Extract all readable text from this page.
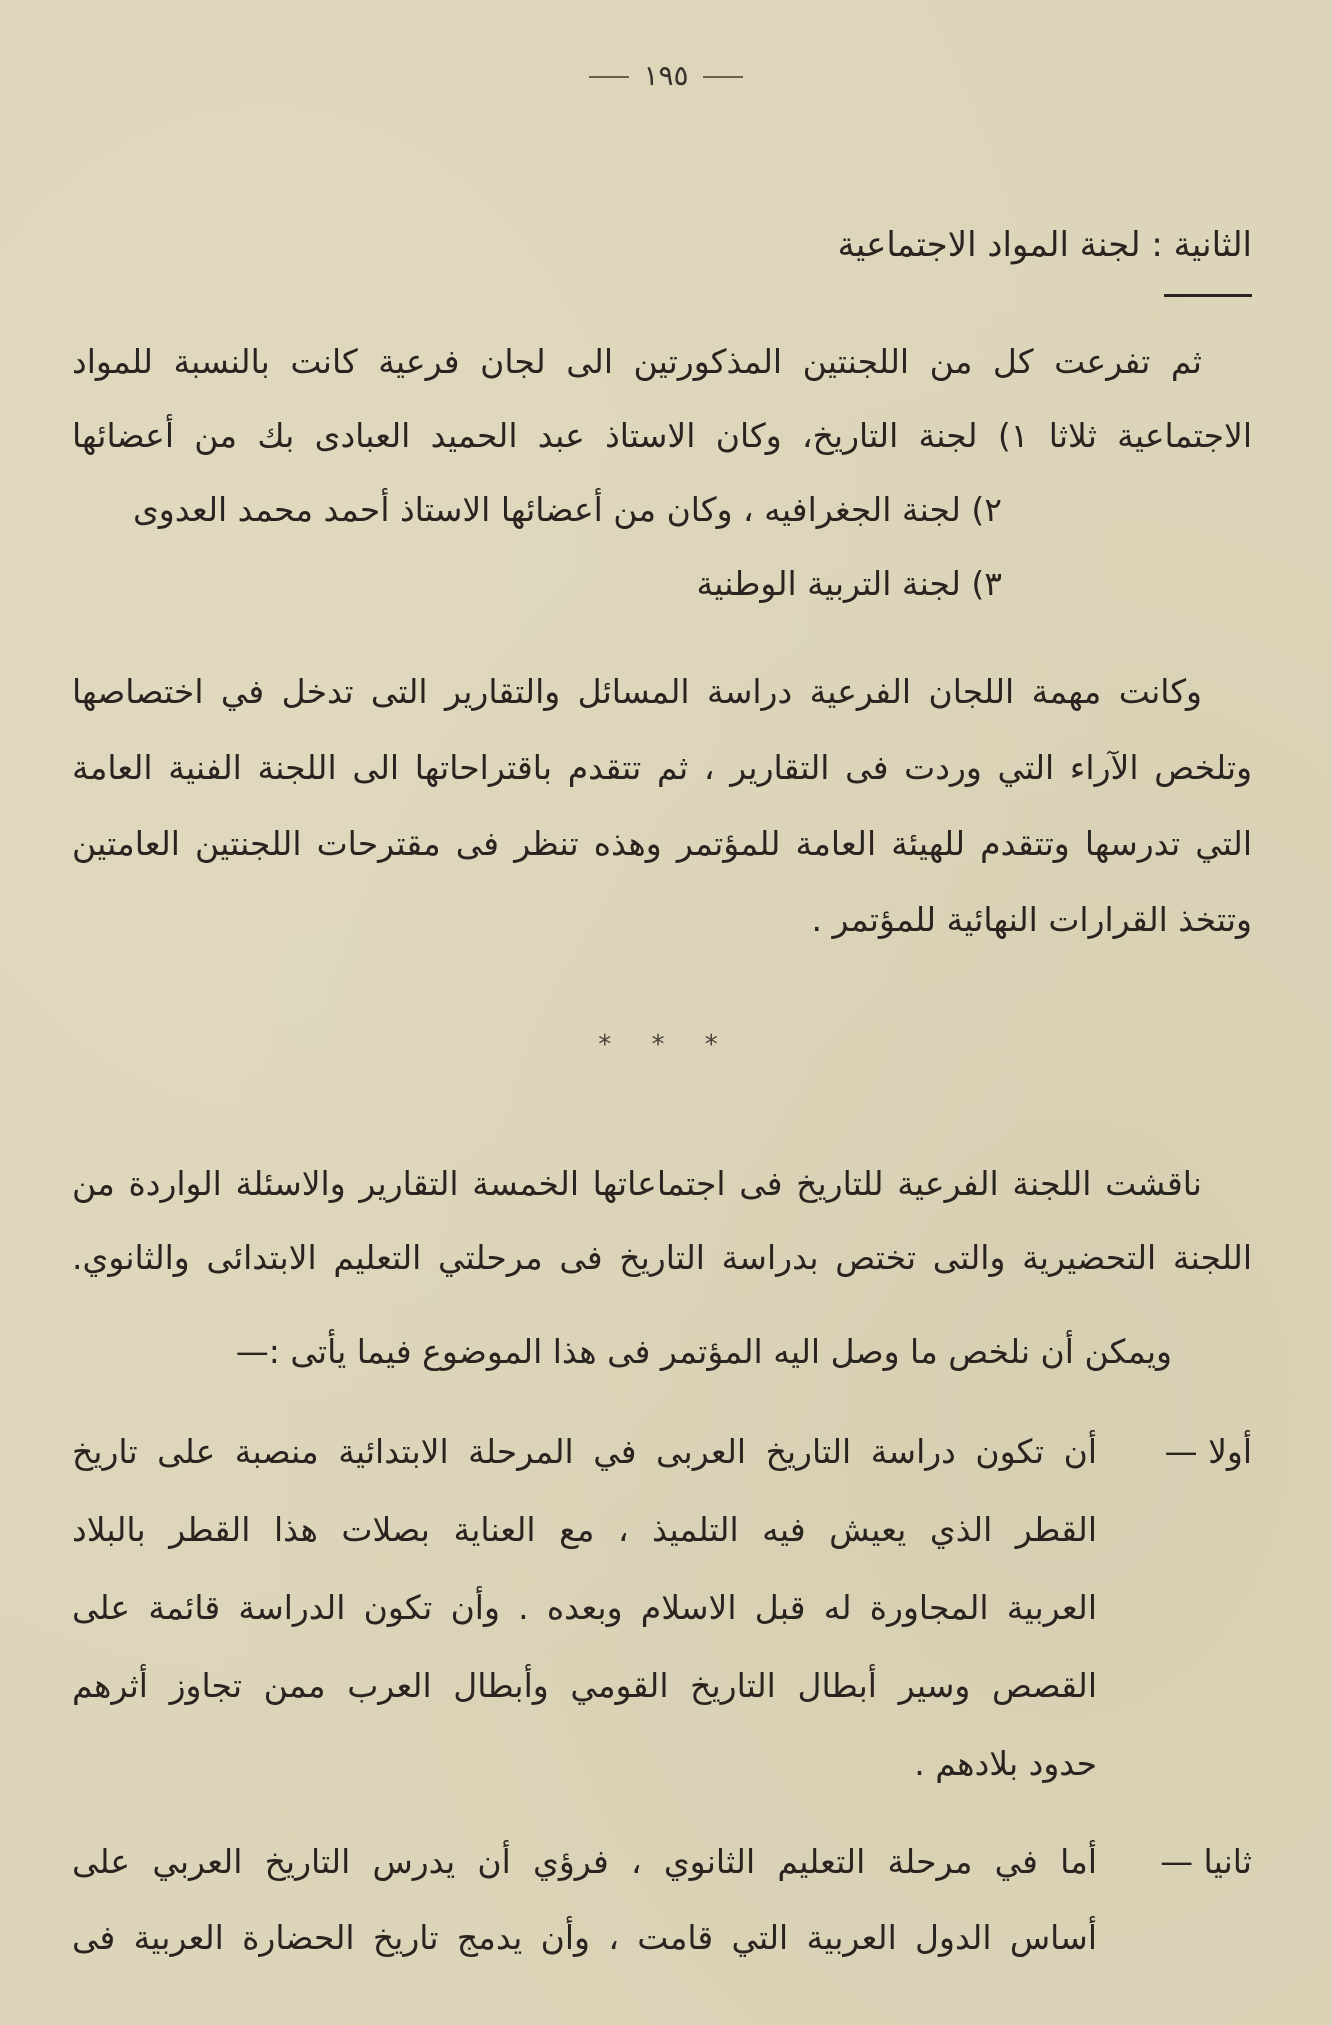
١٩٥
الثانية : لجنة المواد الاجتماعية
ثم تفرعت كل من اللجنتين المذكورتين الى لجان فرعية كانت بالنسبة للمواد
الاجتماعية ثلاثا ١) لجنة التاريخ، وكان الاستاذ عبد الحميد العبادى بك من أعضائها
٢) لجنة الجغرافيه ، وكان من أعضائها الاستاذ أحمد محمد العدوى
٣) لجنة التربية الوطنية
وكانت مهمة اللجان الفرعية دراسة المسائل والتقارير التى تدخل في اختصاصها
وتلخص الآراء التي وردت فى التقارير ، ثم تتقدم باقتراحاتها الى اللجنة الفنية العامة
التي تدرسها وتتقدم للهيئة العامة للمؤتمر وهذه تنظر فى مقترحات اللجنتين العامتين
وتتخذ القرارات النهائية للمؤتمر .
* * *
ناقشت اللجنة الفرعية للتاريخ فى اجتماعاتها الخمسة التقارير والاسئلة الواردة من
اللجنة التحضيرية والتى تختص بدراسة التاريخ فى مرحلتي التعليم الابتدائى والثانوي.
ويمكن أن نلخص ما وصل اليه المؤتمر فى هذا الموضوع فيما يأتى :—
أولا —
أن تكون دراسة التاريخ العربى في المرحلة الابتدائية منصبة على تاريخ
القطر الذي يعيش فيه التلميذ ، مع العناية بصلات هذا القطر بالبلاد
العربية المجاورة له قبل الاسلام وبعده . وأن تكون الدراسة قائمة على
القصص وسير أبطال التاريخ القومي وأبطال العرب ممن تجاوز أثرهم
حدود بلادهم .
ثانيا —
أما في مرحلة التعليم الثانوي ، فرؤي أن يدرس التاريخ العربي على
أساس الدول العربية التي قامت ، وأن يدمج تاريخ الحضارة العربية فى
